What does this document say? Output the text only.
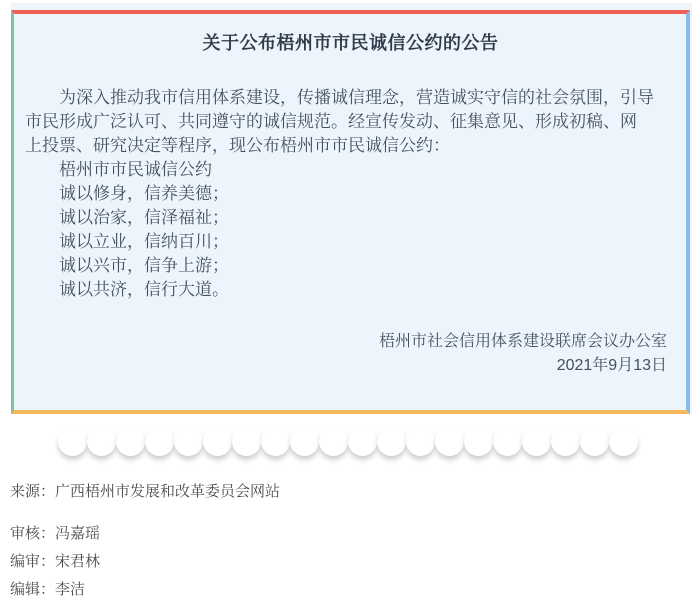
关于公布梧州市市民诚信公约的公告
为深入推动我市信用体系建设，传播诚信理念，营造诚实守信的社会氛围，引导
市民形成广泛认可、共同遵守的诚信规范。经宣传发动、征集意见、形成初稿、网
上投票、研究决定等程序，现公布梧州市市民诚信公约：
梧州市市民诚信公约
诚以修身，信养美德；
诚以治家，信泽福祉；
诚以立业，信纳百川；
诚以兴市，信争上游；
诚以共济，信行大道。
梧州市社会信用体系建设联席会议办公室
2021年9月13日
来源：广西梧州市发展和改革委员会网站
审核：冯嘉瑶
编审：宋君林
编辑：李洁
